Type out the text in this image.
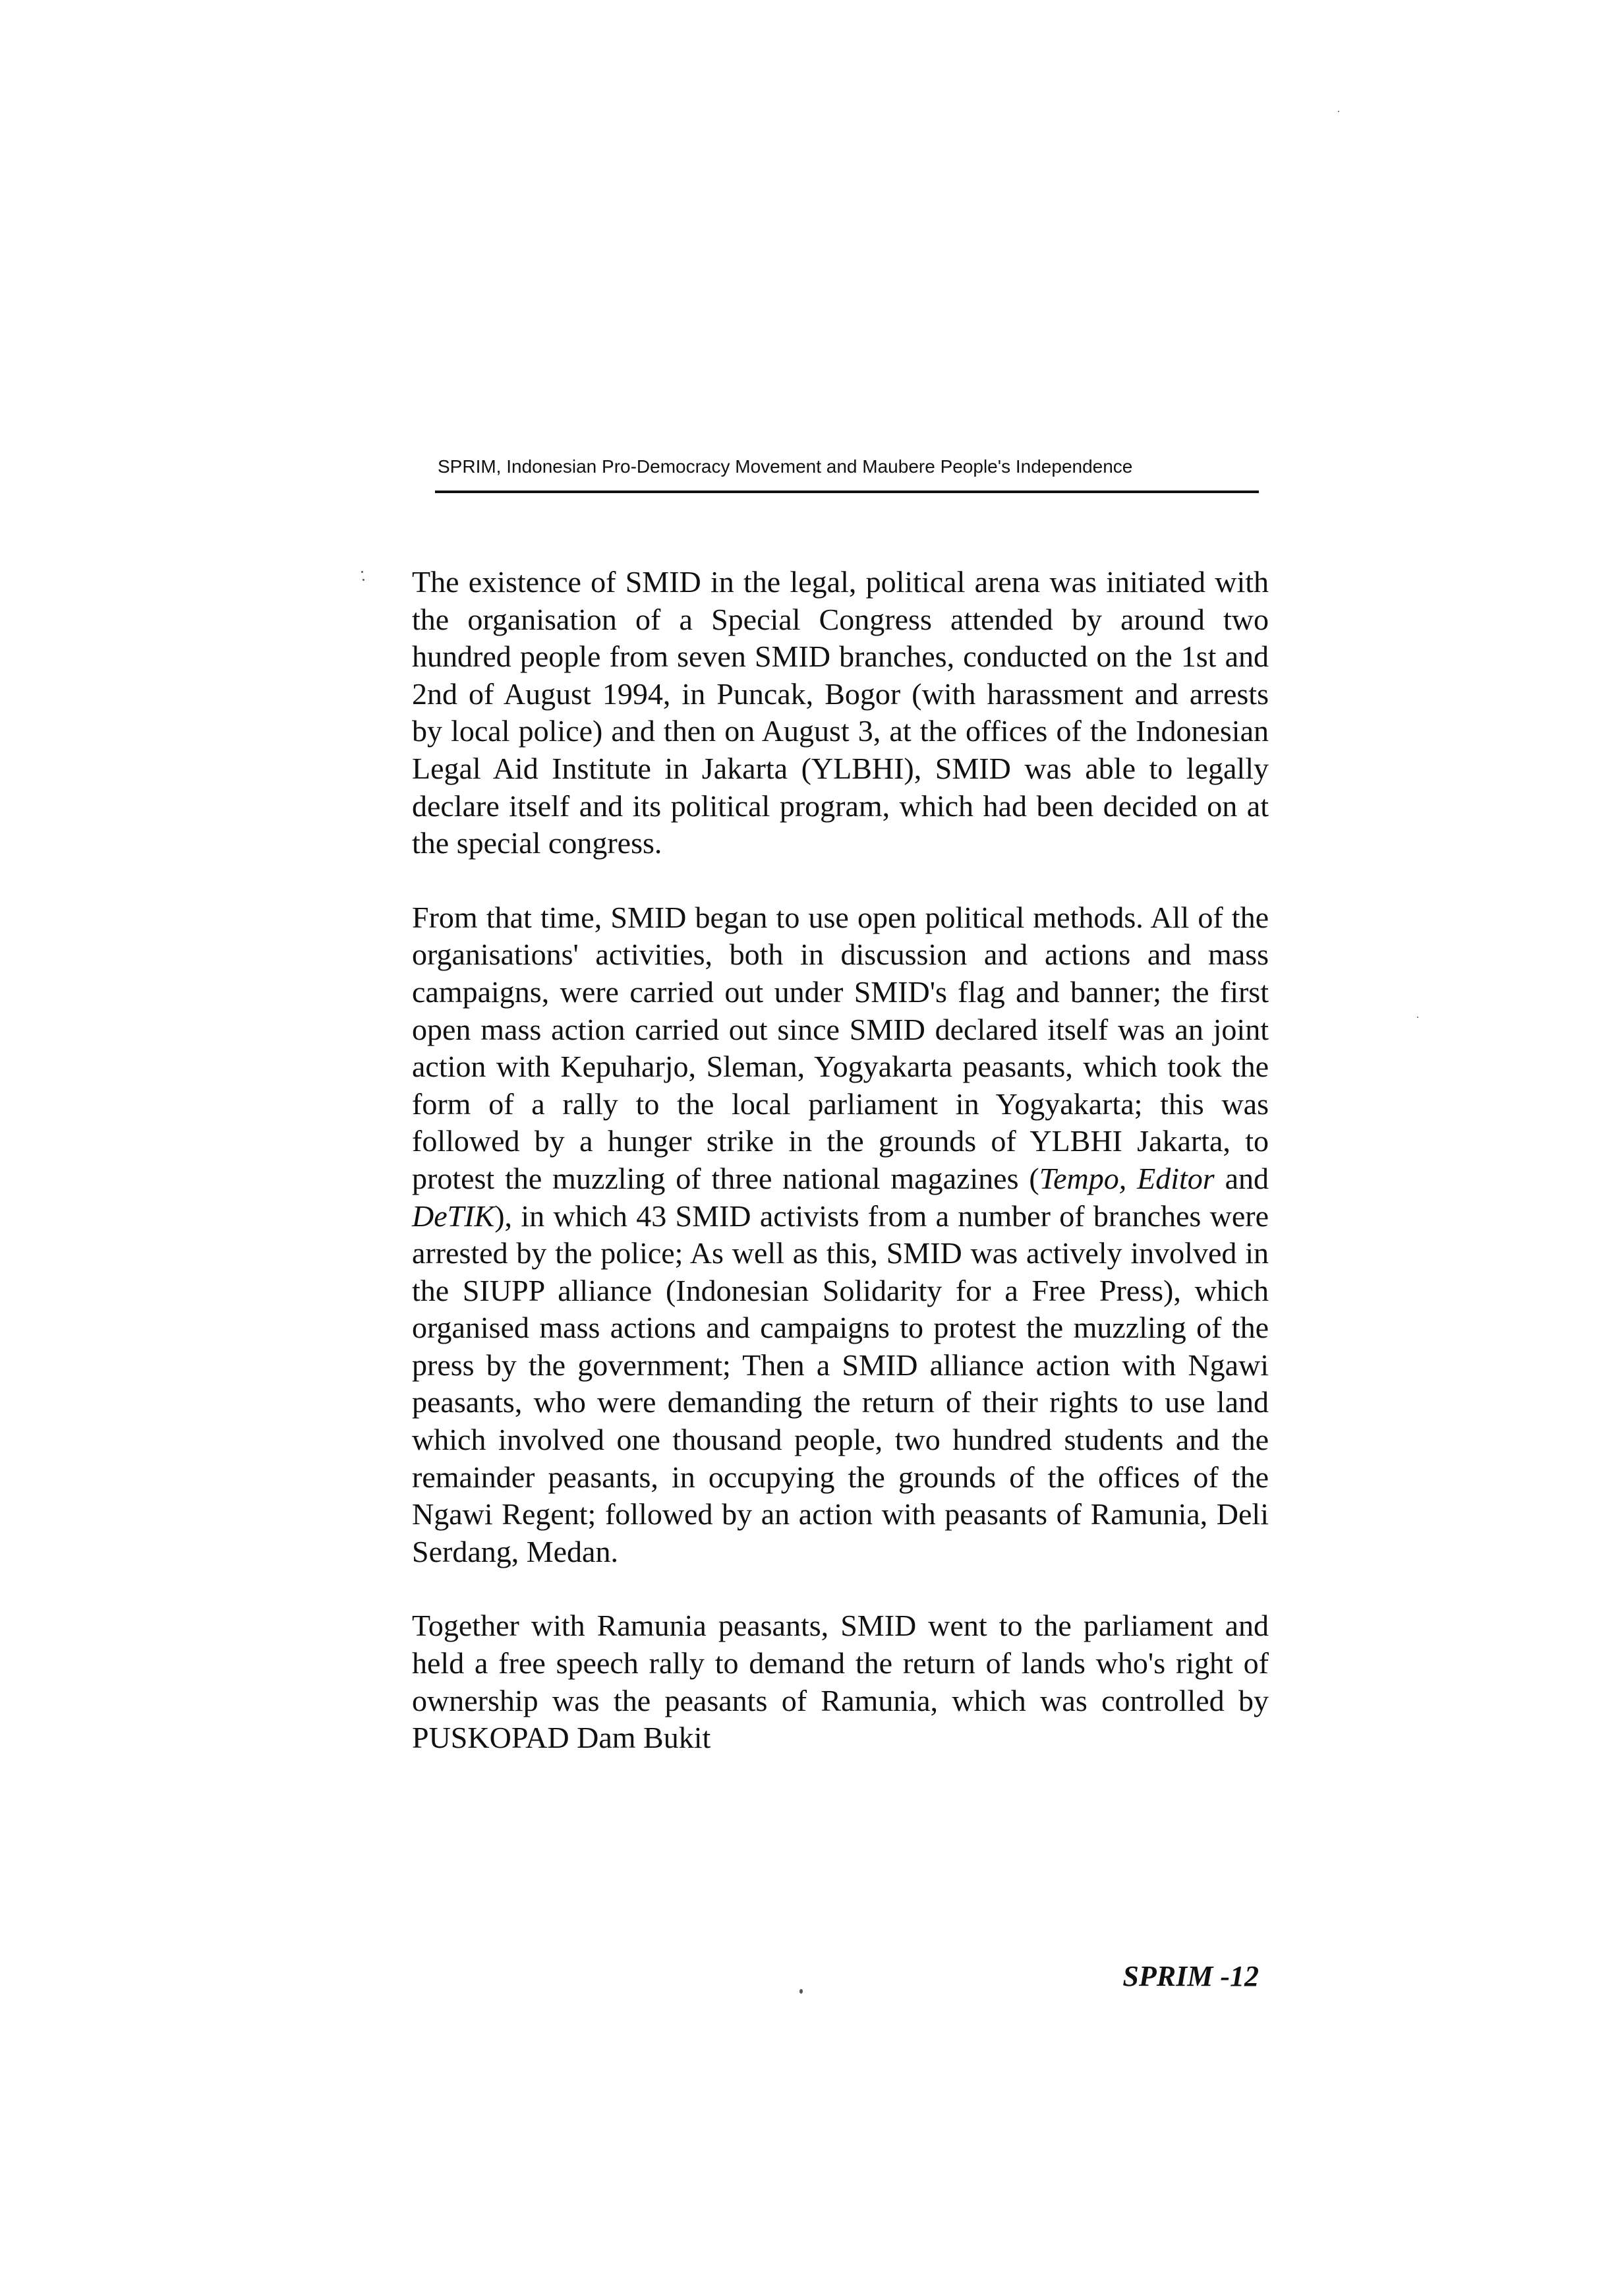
SPRIM, Indonesian Pro-Democracy Movement and Maubere People's Independence

The existence of SMID in the legal, political arena was initiated with the organisation of a Special Congress attended by around two hundred people from seven SMID branches, conducted on the 1st and 2nd of August 1994, in Puncak, Bogor (with harassment and arrests by local police) and then on August 3, at the offices of the Indonesian Legal Aid Institute in Jakarta (YLBHI), SMID was able to legally declare itself and its political program, which had been decided on at the special congress.

From that time, SMID began to use open political methods. All of the organisations' activities, both in discussion and actions and mass campaigns, were carried out under SMID's flag and banner; the first open mass action carried out since SMID declared itself was an joint action with Kepuharjo, Sleman, Yogyakarta peasants, which took the form of a rally to the local parliament in Yogyakarta; this was followed by a hunger strike in the grounds of YLBHI Jakarta, to protest the muzzling of three national magazines (Tempo, Editor and DeTIK), in which 43 SMID activists from a number of branches were arrested by the police; As well as this, SMID was actively involved in the SIUPP alliance (Indonesian Solidarity for a Free Press), which organised mass actions and campaigns to protest the muzzling of the press by the government; Then a SMID alliance action with Ngawi peasants, who were demanding the return of their rights to use land which involved one thousand people, two hundred students and the remainder peasants, in occupying the grounds of the offices of the Ngawi Regent; followed by an action with peasants of Ramunia, Deli Serdang, Medan.

Together with Ramunia peasants, SMID went to the parliament and held a free speech rally to demand the return of lands who's right of ownership was the peasants of Ramunia, which was controlled by PUSKOPAD Dam Bukit

SPRIM -12
